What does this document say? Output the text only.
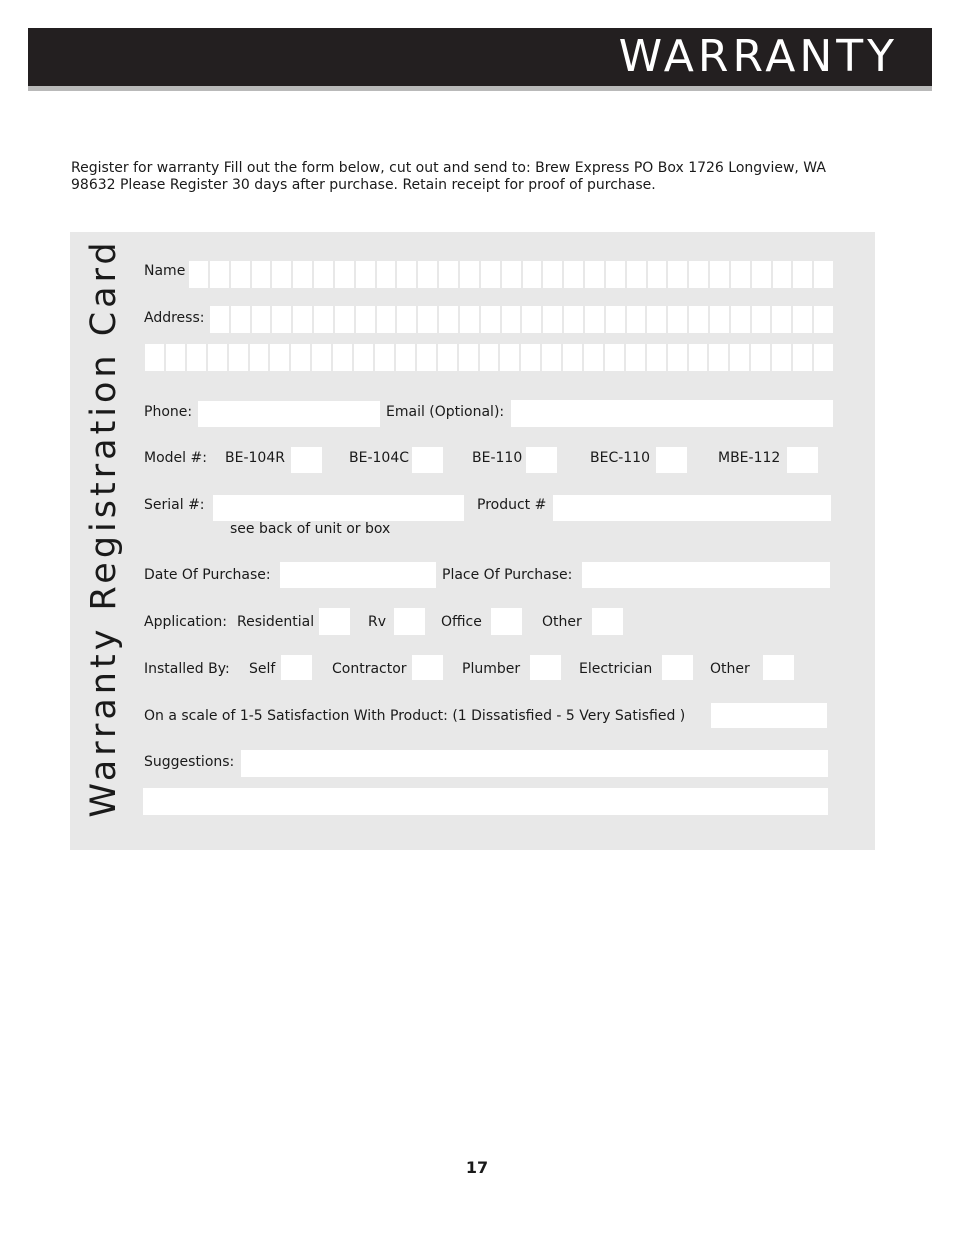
WARRANTY
Register for warranty Fill out the form below, cut out and send to: Brew Express PO Box 1726 Longview, WA 98632 Please Register 30 days after purchase. Retain receipt for proof of purchase.
Warranty Registration Card Name
Address:
Phone:	Email (Optional):
Model #: BE-104R	BE-104C	BE-110	BEC-110	MBE-112
Serial #:	Product #
see back of unit or box
Date Of Purchase:	Place Of Purchase:
Application: Residential	Rv	Office	Other
Installed By: Self	Contractor	Plumber	Electrician	Other
On a scale of 1-5 Satisfaction With Product: (1 Dissatisfied - 5 Very Satisfied )
Suggestions:
17
